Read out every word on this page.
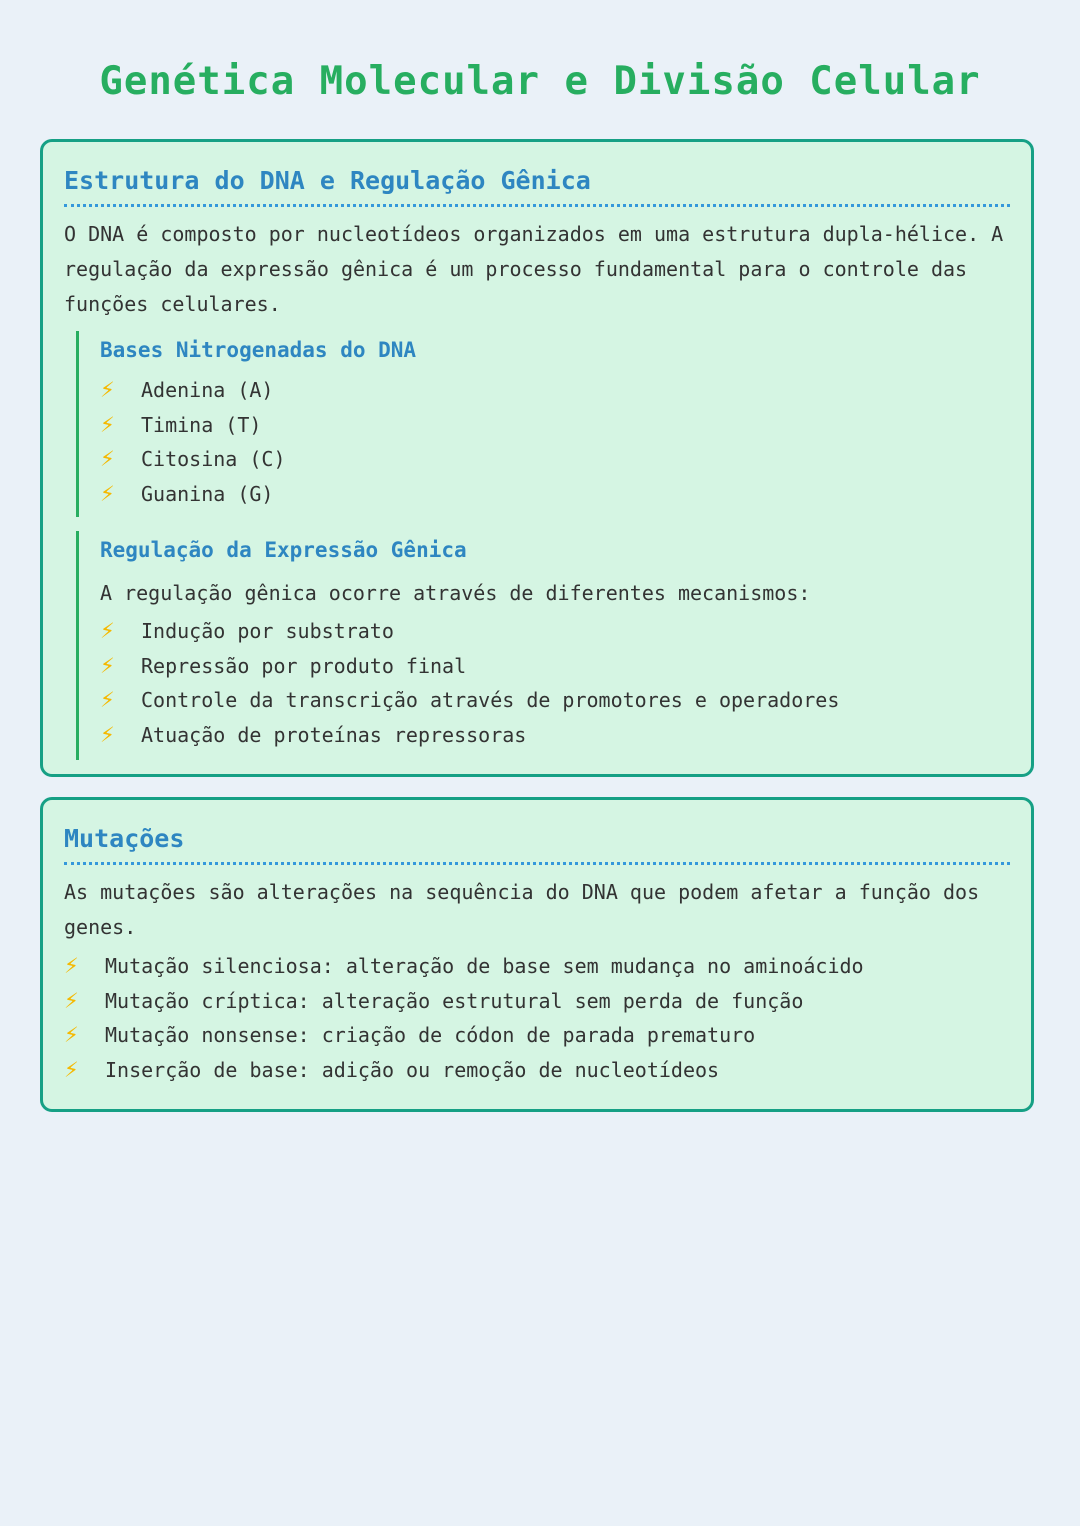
Genética Molecular e Divisão Celular
Estrutura do DNA e Regulação Gênica

O DNA é composto por nucleotídeos organizados em uma estrutura dupla-hélice. A regulação da expressão gênica é um processo fundamental para o controle das funções celulares.

Bases Nitrogenadas do DNA
⚡	Adenina (A)
⚡	Timina (T)
⚡	Citosina (C)
⚡	Guanina (G)
Regulação da Expressão Gênica

A regulação gênica ocorre através de diferentes mecanismos:

⚡	Indução por substrato
⚡	Repressão por produto final
⚡	Controle da transcrição através de promotores e operadores
⚡	Atuação de proteínas repressoras
Mutações

As mutações são alterações na sequência do DNA que podem afetar a função dos genes.

⚡	Mutação silenciosa: alteração de base sem mudança no aminoácido
⚡	Mutação críptica: alteração estrutural sem perda de função
⚡	Mutação nonsense: criação de códon de parada prematuro
⚡	Inserção de base: adição ou remoção de nucleotídeos
